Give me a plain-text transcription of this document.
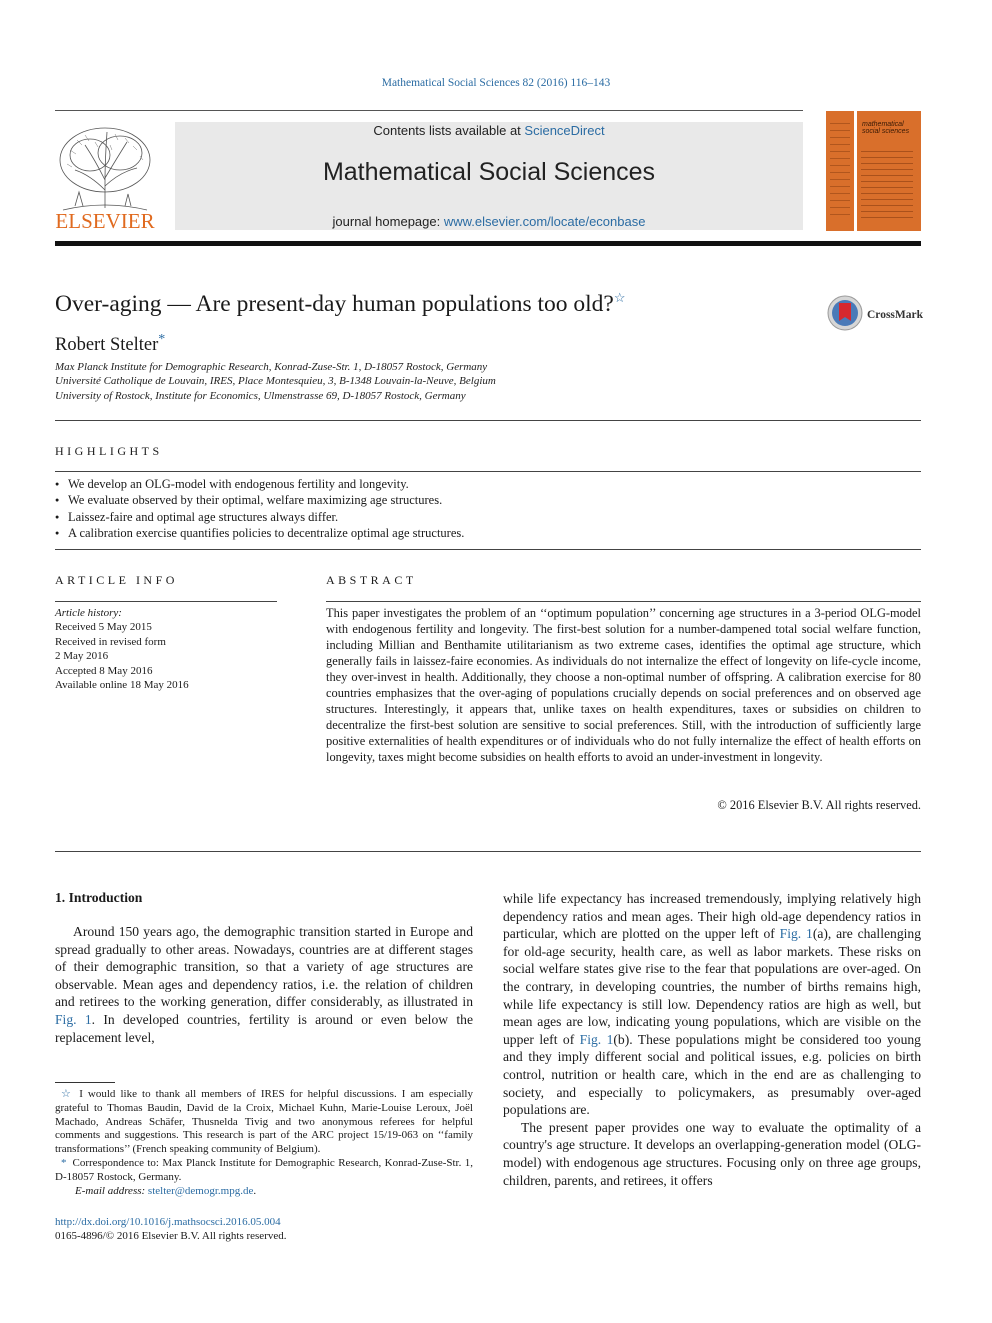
Mathematical Social Sciences 82 (2016) 116–143
ELSEVIER
Contents lists available at ScienceDirect
Mathematical Social Sciences
journal homepage: www.elsevier.com/locate/econbase
mathematical social sciences
Over-aging — Are present-day human populations too old?☆
CrossMark
Robert Stelter*
Max Planck Institute for Demographic Research, Konrad-Zuse-Str. 1, D-18057 Rostock, Germany
Université Catholique de Louvain, IRES, Place Montesquieu, 3, B-1348 Louvain-la-Neuve, Belgium
University of Rostock, Institute for Economics, Ulmenstrasse 69, D-18057 Rostock, Germany
HIGHLIGHTS
● We develop an OLG-model with endogenous fertility and longevity.
● We evaluate observed by their optimal, welfare maximizing age structures.
● Laissez-faire and optimal age structures always differ.
● A calibration exercise quantifies policies to decentralize optimal age structures.
ARTICLE INFO
Article history:
Received 5 May 2015
Received in revised form
2 May 2016
Accepted 8 May 2016
Available online 18 May 2016
ABSTRACT
This paper investigates the problem of an ‘‘optimum population’’ concerning age structures in a 3-period OLG-model with endogenous fertility and longevity. The first-best solution for a number-dampened total social welfare function, including Millian and Benthamite utilitarianism as two extreme cases, identifies the optimal age structure, which generally fails in laissez-faire economies. As individuals do not internalize the effect of longevity on life-cycle income, they over-invest in health. Additionally, they choose a non-optimal number of offspring. A calibration exercise for 80 countries emphasizes that the over-aging of populations crucially depends on social preferences and on observed age structures. Interestingly, it appears that, unlike taxes on health expenditures, taxes or subsidies on children to decentralize the first-best solution are sensitive to social preferences. Still, with the introduction of sufficiently large positive externalities of health expenditures or of individuals who do not fully internalize the effect of health efforts on longevity, taxes might become subsidies on health efforts to avoid an under-investment in longevity.
© 2016 Elsevier B.V. All rights reserved.
1. Introduction
Around 150 years ago, the demographic transition started in Europe and spread gradually to other areas. Nowadays, countries are at different stages of their demographic transition, so that a variety of age structures are observable. Mean ages and dependency ratios, i.e. the relation of children and retirees to the working generation, differ considerably, as illustrated in Fig. 1. In developed countries, fertility is around or even below the replacement level,

while life expectancy has increased tremendously, implying relatively high dependency ratios and mean ages. Their high old-age dependency ratios in particular, which are plotted on the upper left of Fig. 1(a), are challenging for old-age security, health care, as well as labor markets. These risks on social welfare states give rise to the fear that populations are over-aged. On the contrary, in developing countries, the number of births remains high, while life expectancy is still low. Dependency ratios are high as well, but mean ages are low, indicating young populations, which are visible on the upper left of Fig. 1(b). These populations might be considered too young and they imply different social and political issues, e.g. policies on birth control, nutrition or health care, which in the end are as challenging to society, and especially to policymakers, as presumably over-aged populations are.

The present paper provides one way to evaluate the optimality of a country's age structure. It develops an overlapping-generation model (OLG-model) with endogenous age structures. Focusing only on three age groups, children, parents, and retirees, it offers

☆ I would like to thank all members of IRES for helpful discussions. I am especially grateful to Thomas Baudin, David de la Croix, Michael Kuhn, Marie-Louise Leroux, Joël Machado, Andreas Schäfer, Thusnelda Tivig and two anonymous referees for helpful comments and suggestions. This research is part of the ARC project 15/19-063 on ‘‘family transformations’’ (French speaking community of Belgium).

* Correspondence to: Max Planck Institute for Demographic Research, Konrad-Zuse-Str. 1, D-18057 Rostock, Germany.

E-mail address: stelter@demogr.mpg.de.

http://dx.doi.org/10.1016/j.mathsocsci.2016.05.004
0165-4896/© 2016 Elsevier B.V. All rights reserved.
